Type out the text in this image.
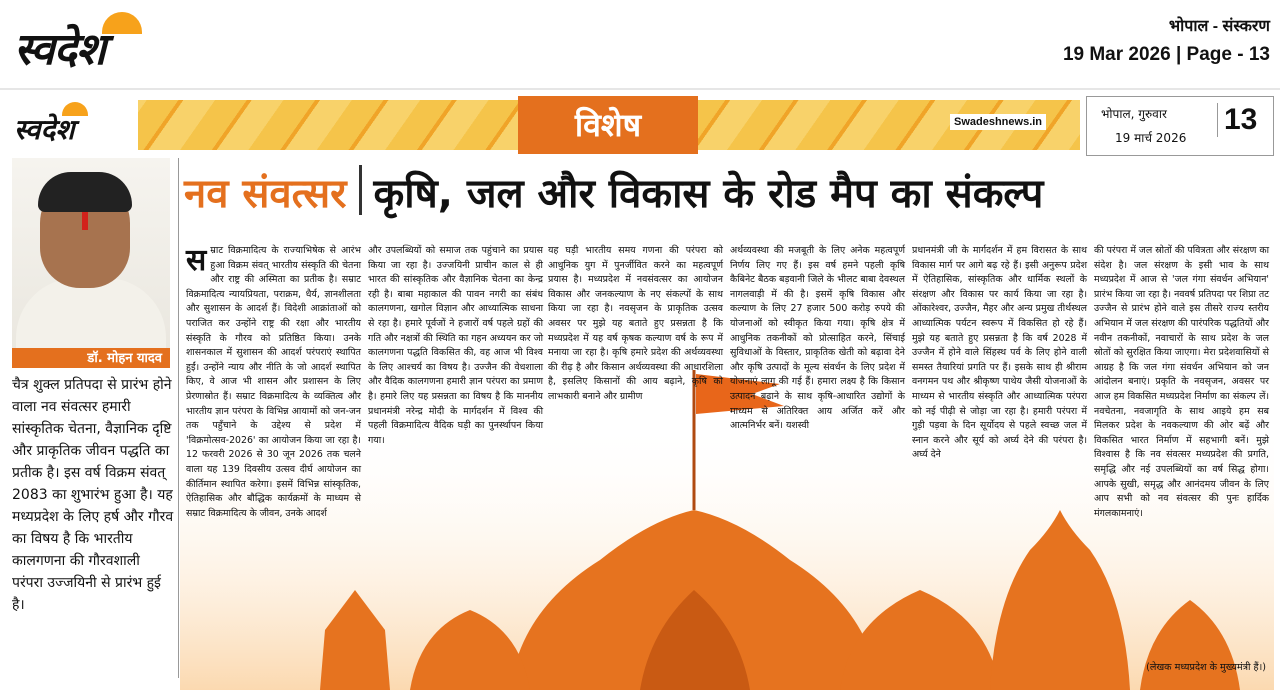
स्वदेश	भोपाल - संस्करण
19 Mar 2026 | Page - 13
स्वदेश	विशेष	Swadeshnews.in
भोपाल, गुरुवार
19 मार्च 2026
13
डॉ. मोहन यादव
चैत्र शुक्ल प्रतिपदा से प्रारंभ होने वाला नव संवत्सर हमारी सांस्कृतिक चेतना, वैज्ञानिक दृष्टि और प्राकृतिक जीवन पद्धति का प्रतीक है। इस वर्ष विक्रम संवत् 2083 का शुभारंभ हुआ है। यह मध्यप्रदेश के लिए हर्ष और गौरव का विषय है कि भारतीय कालगणना की गौरवशाली परंपरा उज्जयिनी से प्रारंभ हुई है।
नव संवत्सर कृषि, जल और विकास के रोड मैप का संकल्प

सम्राट विक्रमादित्य के राज्याभिषेक से आरंभ हुआ विक्रम संवत् भारतीय संस्कृति की चेतना और राष्ट्र की अस्मिता का प्रतीक है। सम्राट विक्रमादित्य न्यायप्रियता, पराक्रम, धैर्य, ज्ञानशीलता और सुशासन के आदर्श हैं। विदेशी आक्रांताओं को पराजित कर उन्होंने राष्ट्र की रक्षा और भारतीय संस्कृति के गौरव को प्रतिष्ठित किया। उनके शासनकाल में सुशासन की आदर्श परंपराएं स्थापित हुईं। उन्होंने न्याय और नीति के जो आदर्श स्थापित किए, वे आज भी शासन और प्रशासन के लिए प्रेरणास्रोत हैं। सम्राट विक्रमादित्य के व्यक्तित्व और भारतीय ज्ञान परंपरा के विभिन्न आयामों को जन-जन तक पहुँचाने के उद्देश्य से प्रदेश में 'विक्रमोत्सव-2026' का आयोजन किया जा रहा है। 12 फरवरी 2026 से 30 जून 2026 तक चलने वाला यह 139 दिवसीय उत्सव दीर्घ आयोजन का कीर्तिमान स्थापित करेगा। इसमें विभिन्न सांस्कृतिक, ऐतिहासिक और बौद्धिक कार्यक्रमों के माध्यम से सम्राट विक्रमादित्य के जीवन, उनके आदर्श

और उपलब्धियों को समाज तक पहुंचाने का प्रयास किया जा रहा है। उज्जयिनी प्राचीन काल से ही भारत की सांस्कृतिक और वैज्ञानिक चेतना का केन्द्र रही है। बाबा महाकाल की पावन नगरी का संबंध कालगणना, खगोल विज्ञान और आध्यात्मिक साधना से रहा है। हमारे पूर्वजों ने हजारों वर्ष पहले ग्रहों की गति और नक्षत्रों की स्थिति का गहन अध्ययन कर जो कालगणना पद्धति विकसित की, वह आज भी विश्व के लिए आश्चर्य का विषय है। उज्जैन की वेधशाला और वैदिक कालगणना हमारी ज्ञान परंपरा का प्रमाण है। हमारे लिए यह प्रसन्नता का विषय है कि माननीय प्रधानमंत्री नरेन्द्र मोदी के मार्गदर्शन में विश्व की पहली विक्रमादित्य वैदिक घड़ी का पुनर्स्थापन किया गया।

यह घड़ी भारतीय समय गणना की परंपरा को आधुनिक युग में पुनर्जीवित करने का महत्वपूर्ण प्रयास है। मध्यप्रदेश में नवसंवत्सर का आयोजन विकास और जनकल्याण के नए संकल्पों के साथ किया जा रहा है। नवसृजन के प्राकृतिक उत्सव अवसर पर मुझे यह बताते हुए प्रसन्नता है कि मध्यप्रदेश में यह वर्ष कृषक कल्याण वर्ष के रूप में मनाया जा रहा है। कृषि हमारे प्रदेश की अर्थव्यवस्था की रीढ़ है और किसान अर्थव्यवस्था की आधारशिला है, इसलिए किसानों की आय बढ़ाने, कृषि को लाभकारी बनाने और ग्रामीण

अर्थव्यवस्था की मजबूती के लिए अनेक महत्वपूर्ण निर्णय लिए गए हैं। इस वर्ष हमने पहली कृषि कैबिनेट बैठक बड़वानी जिले के भीलट बाबा देवस्थल नागलवाड़ी में की है। इसमें कृषि विकास और कल्याण के लिए 27 हजार 500 करोड़ रुपये की योजनाओं को स्वीकृत किया गया। कृषि क्षेत्र में आधुनिक तकनीकों को प्रोत्साहित करने, सिंचाई सुविधाओं के विस्तार, प्राकृतिक खेती को बढ़ावा देने और कृषि उत्पादों के मूल्य संवर्धन के लिए प्रदेश में योजनाएं लागू की गई हैं। हमारा लक्ष्य है कि किसान उत्पादन बढ़ाने के साथ कृषि-आधारित उद्योगों के माध्यम से अतिरिक्त आय अर्जित करें और आत्मनिर्भर बनें। यशस्वी

प्रधानमंत्री जी के मार्गदर्शन में हम विरासत के साथ विकास मार्ग पर आगे बढ़ रहे हैं। इसी अनुरूप प्रदेश में ऐतिहासिक, सांस्कृतिक और धार्मिक स्थलों के संरक्षण और विकास पर कार्य किया जा रहा है। ओंकारेश्वर, उज्जैन, मैहर और अन्य प्रमुख तीर्थस्थल आध्यात्मिक पर्यटन स्वरूप में विकसित हो रहे हैं। मुझे यह बताते हुए प्रसन्नता है कि वर्ष 2028 में उज्जैन में होने वाले सिंहस्थ पर्व के लिए होने वाली समस्त तैयारियां प्रगति पर हैं। इसके साथ ही श्रीराम वनगमन पथ और श्रीकृष्ण पाथेय जैसी योजनाओं के माध्यम से भारतीय संस्कृति और आध्यात्मिक परंपरा को नई पीढ़ी से जोड़ा जा रहा है। हमारी परंपरा में गुड़ी पड़वा के दिन सूर्योदय से पहले स्वच्छ जल में स्नान करने और सूर्य को अर्घ्य देने की परंपरा है। अर्घ्य देने

की परंपरा में जल स्रोतों की पवित्रता और संरक्षण का संदेश है। जल संरक्षण के इसी भाव के साथ मध्यप्रदेश में आज से 'जल गंगा संवर्धन अभियान' प्रारंभ किया जा रहा है। नववर्ष प्रतिपदा पर शिप्रा तट उज्जैन से प्रारंभ होने वाले इस तीसरे राज्य स्तरीय अभियान में जल संरक्षण की पारंपरिक पद्धतियों और नवीन तकनीकों, नवाचारों के साथ प्रदेश के जल स्रोतों को सुरक्षित किया जाएगा। मेरा प्रदेशवासियों से आग्रह है कि जल गंगा संवर्धन अभियान को जन आंदोलन बनाएं। प्रकृति के नवसृजन, अवसर पर आज हम विकसित मध्यप्रदेश निर्माण का संकल्प लें। नवचेतना, नवजागृति के साथ आइये हम सब मिलकर प्रदेश के नवकल्याण की ओर बढ़ें और विकसित भारत निर्माण में सहभागी बनें। मुझे विश्वास है कि नव संवत्सर मध्यप्रदेश की प्रगति, समृद्धि और नई उपलब्धियों का वर्ष सिद्ध होगा। आपके सुखी, समृद्ध और आनंदमय जीवन के लिए आप सभी को नव संवत्सर की पुनः हार्दिक मंगलकामनाएं।

(लेखक मध्यप्रदेश के मुख्यमंत्री हैं।)
